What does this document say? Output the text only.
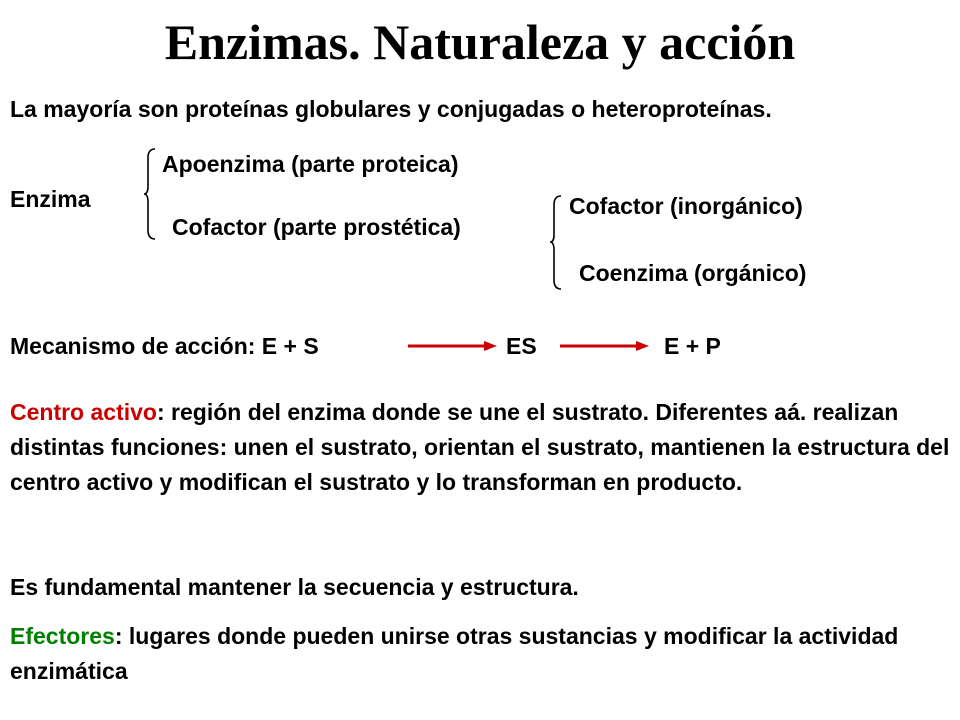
Enzimas. Naturaleza y acción
La mayoría son proteínas globulares y conjugadas o heteroproteínas.
Enzima
Apoenzima (parte proteica)
Cofactor (parte prostética)
Cofactor (inorgánico)
Coenzima (orgánico)
Mecanismo de acción: E + S	ES	E + P
Centro activo: región del enzima donde se une el sustrato. Diferentes aá. realizan distintas funciones: unen el sustrato, orientan el sustrato, mantienen la estructura del centro activo y modifican el sustrato y lo transforman en producto.
Es fundamental mantener la secuencia y estructura.
Efectores: lugares donde pueden unirse otras sustancias y modificar la actividad enzimática
